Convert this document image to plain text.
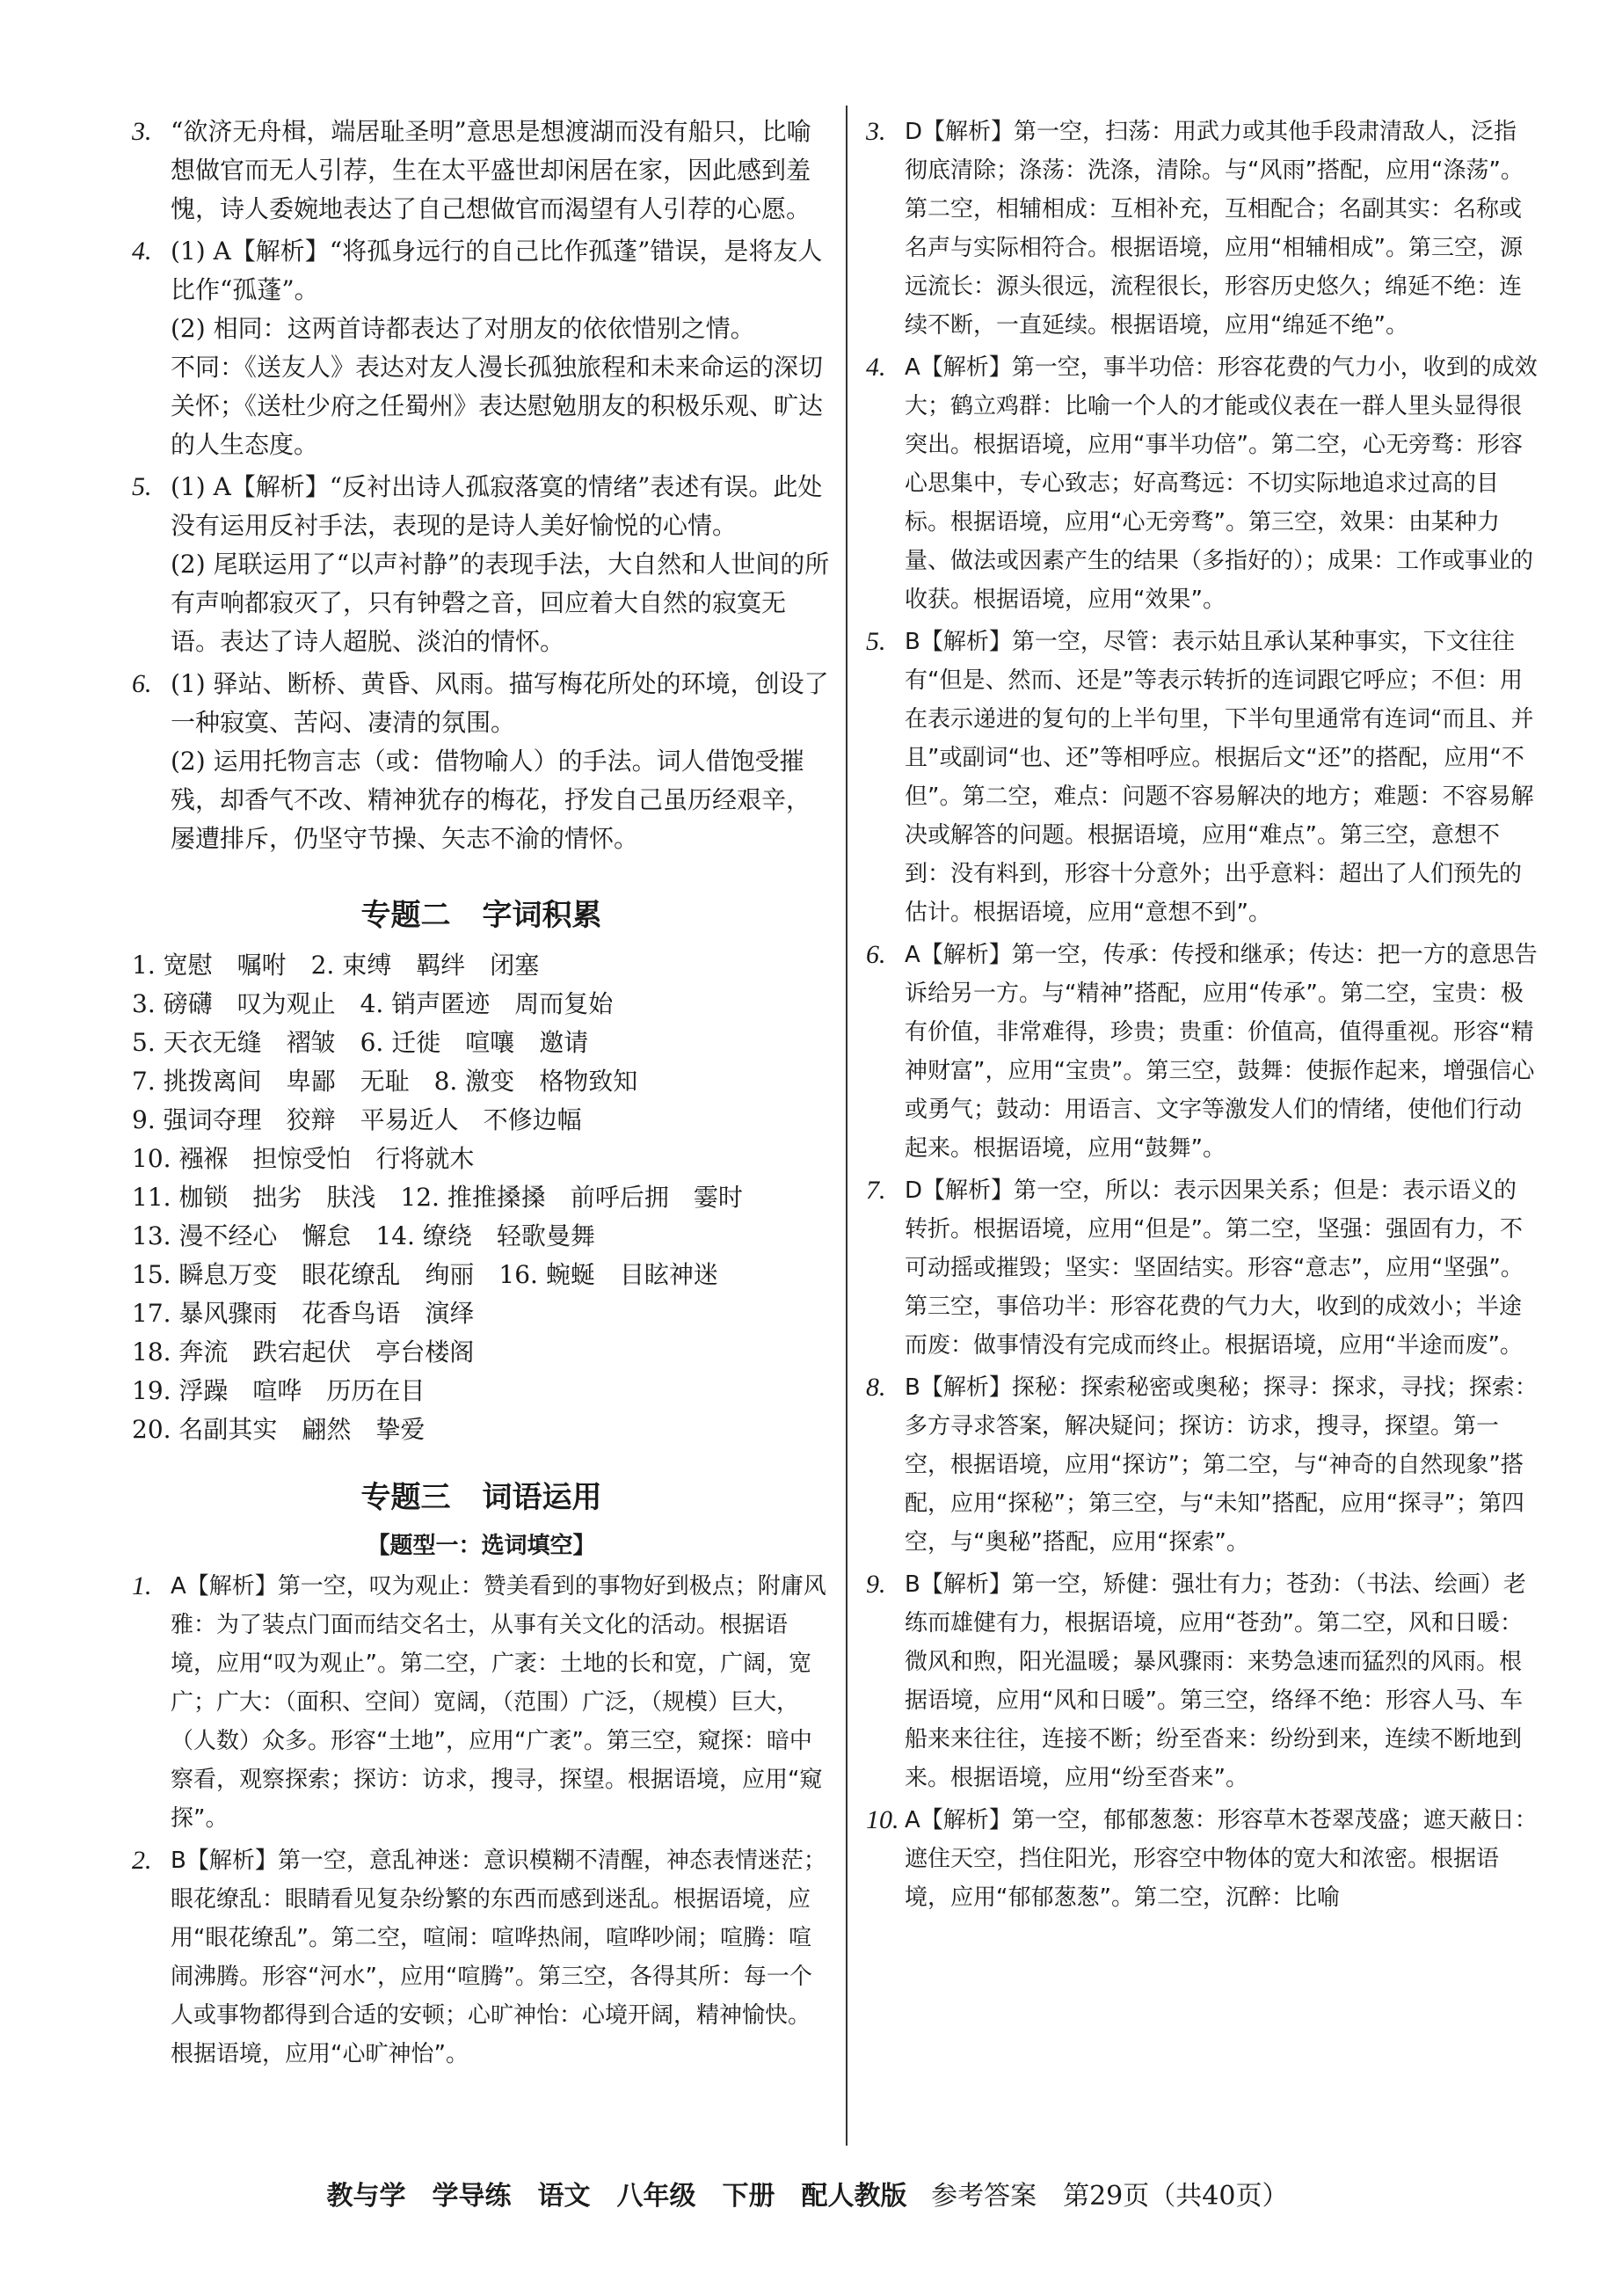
3. “欲济无舟楫，端居耻圣明”意思是想渡湖而没有船只，比喻想做官而无人引荐，生在太平盛世却闲居在家，因此感到羞愧，诗人委婉地表达了自己想做官而渴望有人引荐的心愿。
4. (1) A【解析】“将孤身远行的自己比作孤蓬”错误，是将友人比作“孤蓬”。

(2) 相同：这两首诗都表达了对朋友的依依惜别之情。

不同：《送友人》表达对友人漫长孤独旅程和未来命运的深切关怀；《送杜少府之任蜀州》表达慰勉朋友的积极乐观、旷达的人生态度。

5. (1) A【解析】“反衬出诗人孤寂落寞的情绪”表述有误。此处没有运用反衬手法，表现的是诗人美好愉悦的心情。

(2) 尾联运用了“以声衬静”的表现手法，大自然和人世间的所有声响都寂灭了，只有钟磬之音，回应着大自然的寂寞无语。表达了诗人超脱、淡泊的情怀。

6. (1) 驿站、断桥、黄昏、风雨。描写梅花所处的环境，创设了一种寂寞、苦闷、凄清的氛围。

(2) 运用托物言志（或：借物喻人）的手法。词人借饱受摧残，却香气不改、精神犹存的梅花，抒发自己虽历经艰辛，屡遭排斥，仍坚守节操、矢志不渝的情怀。

专题二 字词积累

1. 宽慰　嘱咐　2. 束缚　羁绊　闭塞

3. 磅礴　叹为观止　4. 销声匿迹　周而复始

5. 天衣无缝　褶皱　6. 迁徙　喧嚷　邀请

7. 挑拨离间　卑鄙　无耻　8. 激变　格物致知

9. 强词夺理　狡辩　平易近人　不修边幅

10. 襁褓　担惊受怕　行将就木

11. 枷锁　拙劣　肤浅　12. 推推搡搡　前呼后拥　霎时

13. 漫不经心　懈怠　14. 缭绕　轻歌曼舞

15. 瞬息万变　眼花缭乱　绚丽　16. 蜿蜒　目眩神迷

17. 暴风骤雨　花香鸟语　演绎

18. 奔流　跌宕起伏　亭台楼阁

19. 浮躁　喧哗　历历在目

20. 名副其实　翩然　挚爱

专题三 词语运用
【题型一：选词填空】
1. A【解析】第一空，叹为观止：赞美看到的事物好到极点；附庸风雅：为了装点门面而结交名士，从事有关文化的活动。根据语境，应用“叹为观止”。第二空，广袤：土地的长和宽，广阔，宽广；广大：（面积、空间）宽阔，（范围）广泛，（规模）巨大，（人数）众多。形容“土地”，应用“广袤”。第三空，窥探：暗中察看，观察探索；探访：访求，搜寻，探望。根据语境，应用“窥探”。
2. B【解析】第一空，意乱神迷：意识模糊不清醒，神态表情迷茫；眼花缭乱：眼睛看见复杂纷繁的东西而感到迷乱。根据语境，应用“眼花缭乱”。第二空，喧闹：喧哗热闹，喧哗吵闹；喧腾：喧闹沸腾。形容“河水”，应用“喧腾”。第三空，各得其所：每一个人或事物都得到合适的安顿；心旷神怡：心境开阔，精神愉快。根据语境，应用“心旷神怡”。
3. D【解析】第一空，扫荡：用武力或其他手段肃清敌人，泛指彻底清除；涤荡：洗涤，清除。与“风雨”搭配，应用“涤荡”。第二空，相辅相成：互相补充，互相配合；名副其实：名称或名声与实际相符合。根据语境，应用“相辅相成”。第三空，源远流长：源头很远，流程很长，形容历史悠久；绵延不绝：连续不断，一直延续。根据语境，应用“绵延不绝”。
4. A【解析】第一空，事半功倍：形容花费的气力小，收到的成效大；鹤立鸡群：比喻一个人的才能或仪表在一群人里头显得很突出。根据语境，应用“事半功倍”。第二空，心无旁骛：形容心思集中，专心致志；好高骛远：不切实际地追求过高的目标。根据语境，应用“心无旁骛”。第三空，效果：由某种力量、做法或因素产生的结果（多指好的）；成果：工作或事业的收获。根据语境，应用“效果”。
5. B【解析】第一空，尽管：表示姑且承认某种事实，下文往往有“但是、然而、还是”等表示转折的连词跟它呼应；不但：用在表示递进的复句的上半句里，下半句里通常有连词“而且、并且”或副词“也、还”等相呼应。根据后文“还”的搭配，应用“不但”。第二空，难点：问题不容易解决的地方；难题：不容易解决或解答的问题。根据语境，应用“难点”。第三空，意想不到：没有料到，形容十分意外；出乎意料：超出了人们预先的估计。根据语境，应用“意想不到”。
6. A【解析】第一空，传承：传授和继承；传达：把一方的意思告诉给另一方。与“精神”搭配，应用“传承”。第二空，宝贵：极有价值，非常难得，珍贵；贵重：价值高，值得重视。形容“精神财富”，应用“宝贵”。第三空，鼓舞：使振作起来，增强信心或勇气；鼓动：用语言、文字等激发人们的情绪，使他们行动起来。根据语境，应用“鼓舞”。
7. D【解析】第一空，所以：表示因果关系；但是：表示语义的转折。根据语境，应用“但是”。第二空，坚强：强固有力，不可动摇或摧毁；坚实：坚固结实。形容“意志”，应用“坚强”。第三空，事倍功半：形容花费的气力大，收到的成效小；半途而废：做事情没有完成而终止。根据语境，应用“半途而废”。
8. B【解析】探秘：探索秘密或奥秘；探寻：探求，寻找；探索：多方寻求答案，解决疑问；探访：访求，搜寻，探望。第一空，根据语境，应用“探访”；第二空，与“神奇的自然现象”搭配，应用“探秘”；第三空，与“未知”搭配，应用“探寻”；第四空，与“奥秘”搭配，应用“探索”。
9. B【解析】第一空，矫健：强壮有力；苍劲：（书法、绘画）老练而雄健有力，根据语境，应用“苍劲”。第二空，风和日暖：微风和煦，阳光温暖；暴风骤雨：来势急速而猛烈的风雨。根据语境，应用“风和日暖”。第三空，络绎不绝：形容人马、车船来来往往，连接不断；纷至沓来：纷纷到来，连续不断地到来。根据语境，应用“纷至沓来”。
10. A【解析】第一空，郁郁葱葱：形容草木苍翠茂盛；遮天蔽日：遮住天空，挡住阳光，形容空中物体的宽大和浓密。根据语境，应用“郁郁葱葱”。第二空，沉醉：比喻
教与学　学导练　语文　八年级　下册　配人教版 参考答案　第29页（共40页）
